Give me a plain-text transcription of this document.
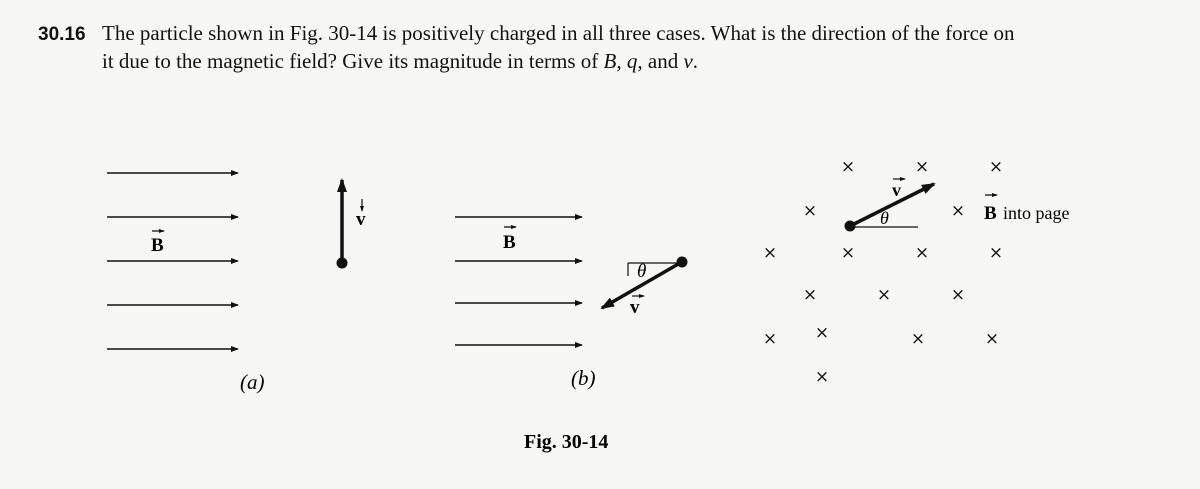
30.16 The particle shown in Fig. 30-14 is positively charged in all three cases. What is the direction of the force on
it due to the magnetic field? Give its magnitude in terms of B, q, and v.
B
v
(a)
B
θ
v
(b)
×	×	×
×	×
×	×	×	×
×	×	×
× ×	×	×
×
θ
v
B into page
Fig. 30-14
